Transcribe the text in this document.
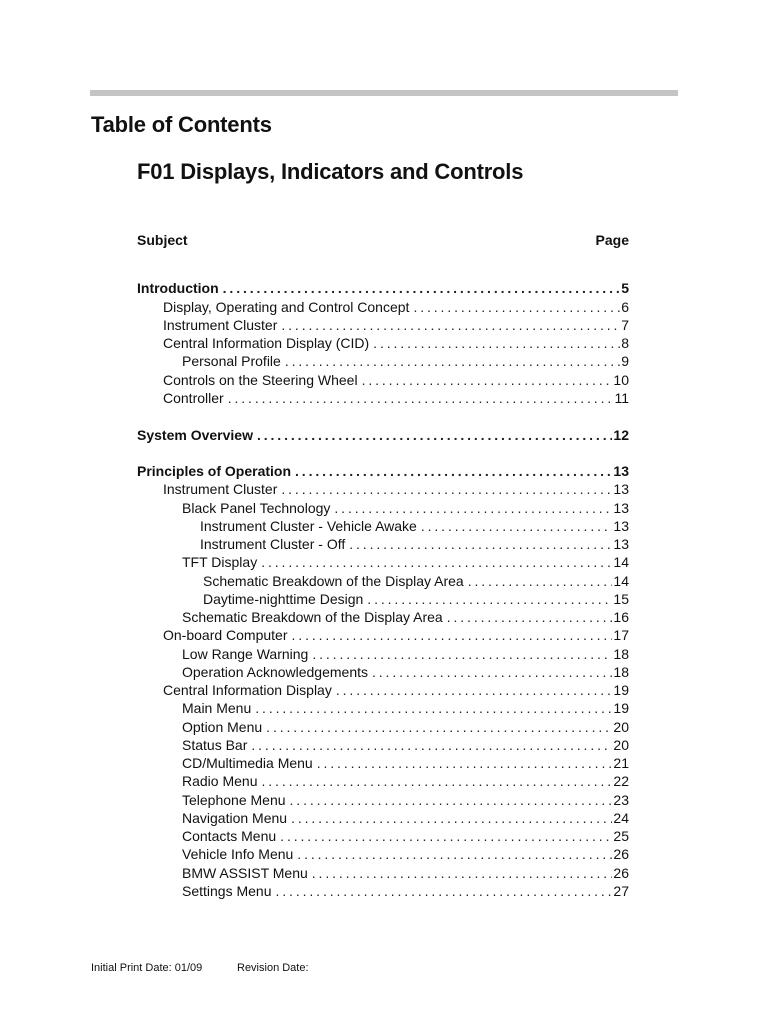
Table of Contents
F01 Displays, Indicators and Controls
Subject	Page
Introduction . . .	5
Display, Operating and Control Concept . . .	6
Instrument Cluster . . .	7
Central Information Display (CID) . . .	8
Personal Profile . . .	9
Controls on the Steering Wheel . . .	10
Controller . . .	11
System Overview . . .	12
Principles of Operation . . .	13
Instrument Cluster . . .	13
Black Panel Technology . . .	13
Instrument Cluster - Vehicle Awake . . .	13
Instrument Cluster - Off . . .	13
TFT Display . . .	14
Schematic Breakdown of the Display Area . . .	14
Daytime-nighttime Design . . .	15
Schematic Breakdown of the Display Area . . .	16
On-board Computer . . .	17
Low Range Warning . . .	18
Operation Acknowledgements . . .	18
Central Information Display . . .	19
Main Menu . . .	19
Option Menu . . .	20
Status Bar . . .	20
CD/Multimedia Menu . . .	21
Radio Menu . . .	22
Telephone Menu . . .	23
Navigation Menu . . .	24
Contacts Menu . . .	25
Vehicle Info Menu . . .	26
BMW ASSIST Menu . . .	26
Settings Menu . . .	27
Initial Print Date: 01/09	Revision Date:
